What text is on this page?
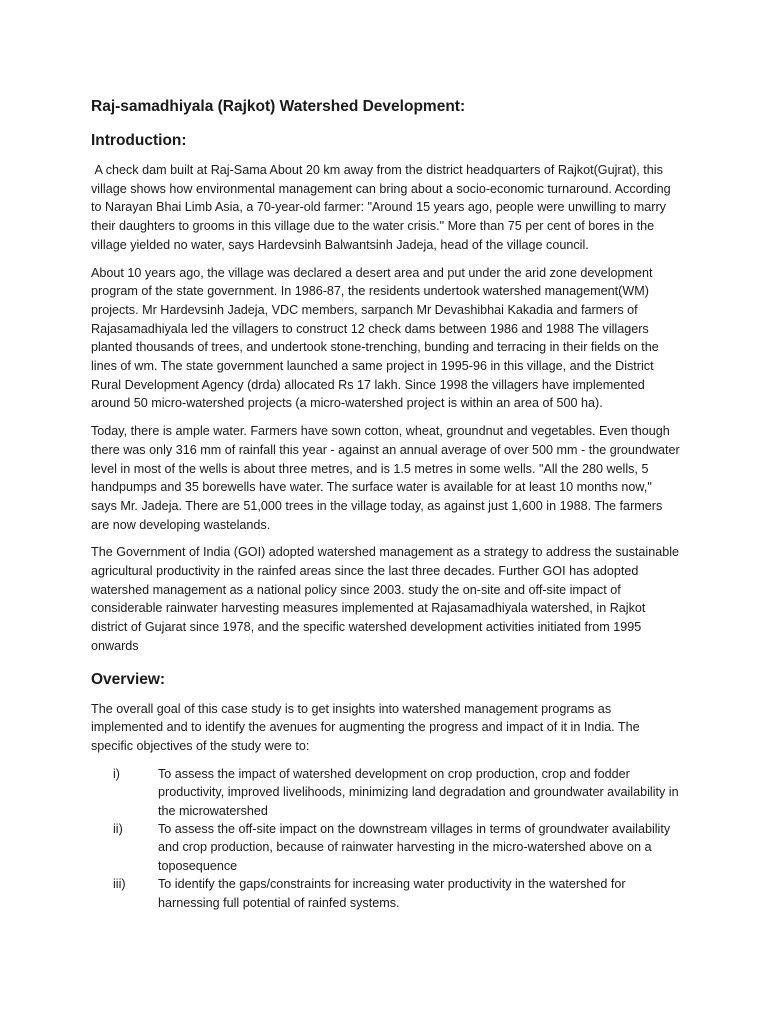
Raj-samadhiyala (Rajkot) Watershed Development:
Introduction:

A check dam built at Raj-Sama About 20 km away from the district headquarters of Rajkot(Gujrat), this village shows how environmental management can bring about a socio-economic turnaround. According to Narayan Bhai Limb Asia, a 70-year-old farmer: "Around 15 years ago, people were unwilling to marry their daughters to grooms in this village due to the water crisis." More than 75 per cent of bores in the village yielded no water, says Hardevsinh Balwantsinh Jadeja, head of the village council.

About 10 years ago, the village was declared a desert area and put under the arid zone development program of the state government. In 1986-87, the residents undertook watershed management(WM) projects. Mr Hardevsinh Jadeja, VDC members, sarpanch Mr Devashibhai Kakadia and farmers of Rajasamadhiyala led the villagers to construct 12 check dams between 1986 and 1988 The villagers planted thousands of trees, and undertook stone-trenching, bunding and terracing in their fields on the lines of wm. The state government launched a same project in 1995-96 in this village, and the District Rural Development Agency (drda) allocated Rs 17 lakh. Since 1998 the villagers have implemented around 50 micro-watershed projects (a micro-watershed project is within an area of 500 ha).

Today, there is ample water. Farmers have sown cotton, wheat, groundnut and vegetables. Even though there was only 316 mm of rainfall this year - against an annual average of over 500 mm - the groundwater level in most of the wells is about three metres, and is 1.5 metres in some wells. "All the 280 wells, 5 handpumps and 35 borewells have water. The surface water is available for at least 10 months now," says Mr. Jadeja. There are 51,000 trees in the village today, as against just 1,600 in 1988. The farmers are now developing wastelands.

The Government of India (GOI) adopted watershed management as a strategy to address the sustainable agricultural productivity in the rainfed areas since the last three decades. Further GOI has adopted watershed management as a national policy since 2003. study the on-site and off-site impact of considerable rainwater harvesting measures implemented at Rajasamadhiyala watershed, in Rajkot district of Gujarat since 1978, and the specific watershed development activities initiated from 1995 onwards

Overview:

The overall goal of this case study is to get insights into watershed management programs as implemented and to identify the avenues for augmenting the progress and impact of it in India. The specific objectives of the study were to:

i)	To assess the impact of watershed development on crop production, crop and fodder productivity, improved livelihoods, minimizing land degradation and groundwater availability in the microwatershed
ii)	To assess the off-site impact on the downstream villages in terms of groundwater availability and crop production, because of rainwater harvesting in the micro-watershed above on a toposequence
iii)	To identify the gaps/constraints for increasing water productivity in the watershed for harnessing full potential of rainfed systems.
